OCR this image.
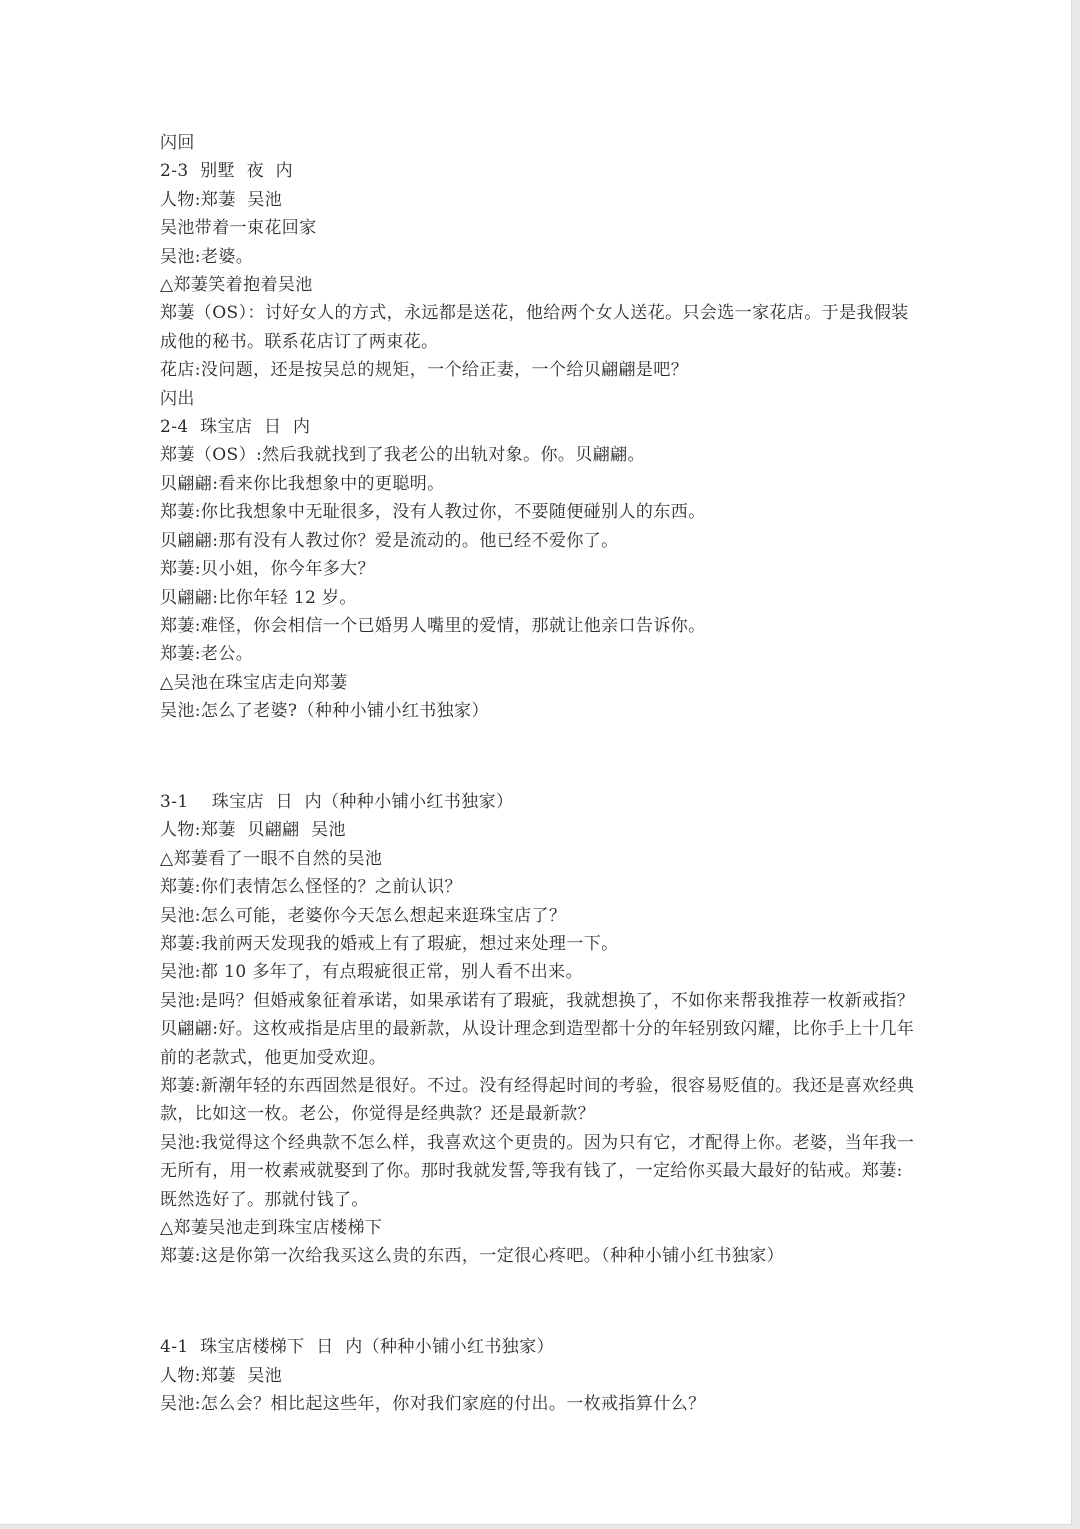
闪回

2-3  别墅  夜  内

人物:郑萋  吴池

吴池带着一束花回家

吴池:老婆。

△郑萋笑着抱着吴池

郑萋（OS）：讨好女人的方式，永远都是送花，他给两个女人送花。只会选一家花店。于是我假装成他的秘书。联系花店订了两束花。

花店:没问题，还是按吴总的规矩，一个给正妻，一个给贝翩翩是吧？

闪出

2-4  珠宝店  日  内

郑萋（OS）:然后我就找到了我老公的出轨对象。你。贝翩翩。

贝翩翩:看来你比我想象中的更聪明。

郑萋:你比我想象中无耻很多，没有人教过你，不要随便碰别人的东西。

贝翩翩:那有没有人教过你？爱是流动的。他已经不爱你了。

郑萋:贝小姐，你今年多大？

贝翩翩:比你年轻 12 岁。

郑萋:难怪，你会相信一个已婚男人嘴里的爱情，那就让他亲口告诉你。

郑萋:老公。

△吴池在珠宝店走向郑萋

吴池:怎么了老婆?（种种小铺小红书独家）

3-1    珠宝店  日  内（种种小铺小红书独家）

人物:郑萋  贝翩翩  吴池

△郑萋看了一眼不自然的吴池

郑萋:你们表情怎么怪怪的？之前认识？

吴池:怎么可能，老婆你今天怎么想起来逛珠宝店了？

郑萋:我前两天发现我的婚戒上有了瑕疵，想过来处理一下。

吴池:都 10 多年了，有点瑕疵很正常，别人看不出来。

吴池:是吗？但婚戒象征着承诺，如果承诺有了瑕疵，我就想换了，不如你来帮我推荐一枚新戒指？

贝翩翩:好。这枚戒指是店里的最新款，从设计理念到造型都十分的年轻别致闪耀，比你手上十几年前的老款式，他更加受欢迎。

郑萋:新潮年轻的东西固然是很好。不过。没有经得起时间的考验，很容易贬值的。我还是喜欢经典款，比如这一枚。老公，你觉得是经典款？还是最新款？

吴池:我觉得这个经典款不怎么样，我喜欢这个更贵的。因为只有它，才配得上你。老婆，当年我一无所有，用一枚素戒就娶到了你。那时我就发誓,等我有钱了，一定给你买最大最好的钻戒。郑萋:既然选好了。那就付钱了。

△郑萋吴池走到珠宝店楼梯下

郑萋:这是你第一次给我买这么贵的东西，一定很心疼吧。（种种小铺小红书独家）

4-1  珠宝店楼梯下  日  内（种种小铺小红书独家）

人物:郑萋  吴池

吴池:怎么会？相比起这些年，你对我们家庭的付出。一枚戒指算什么？
